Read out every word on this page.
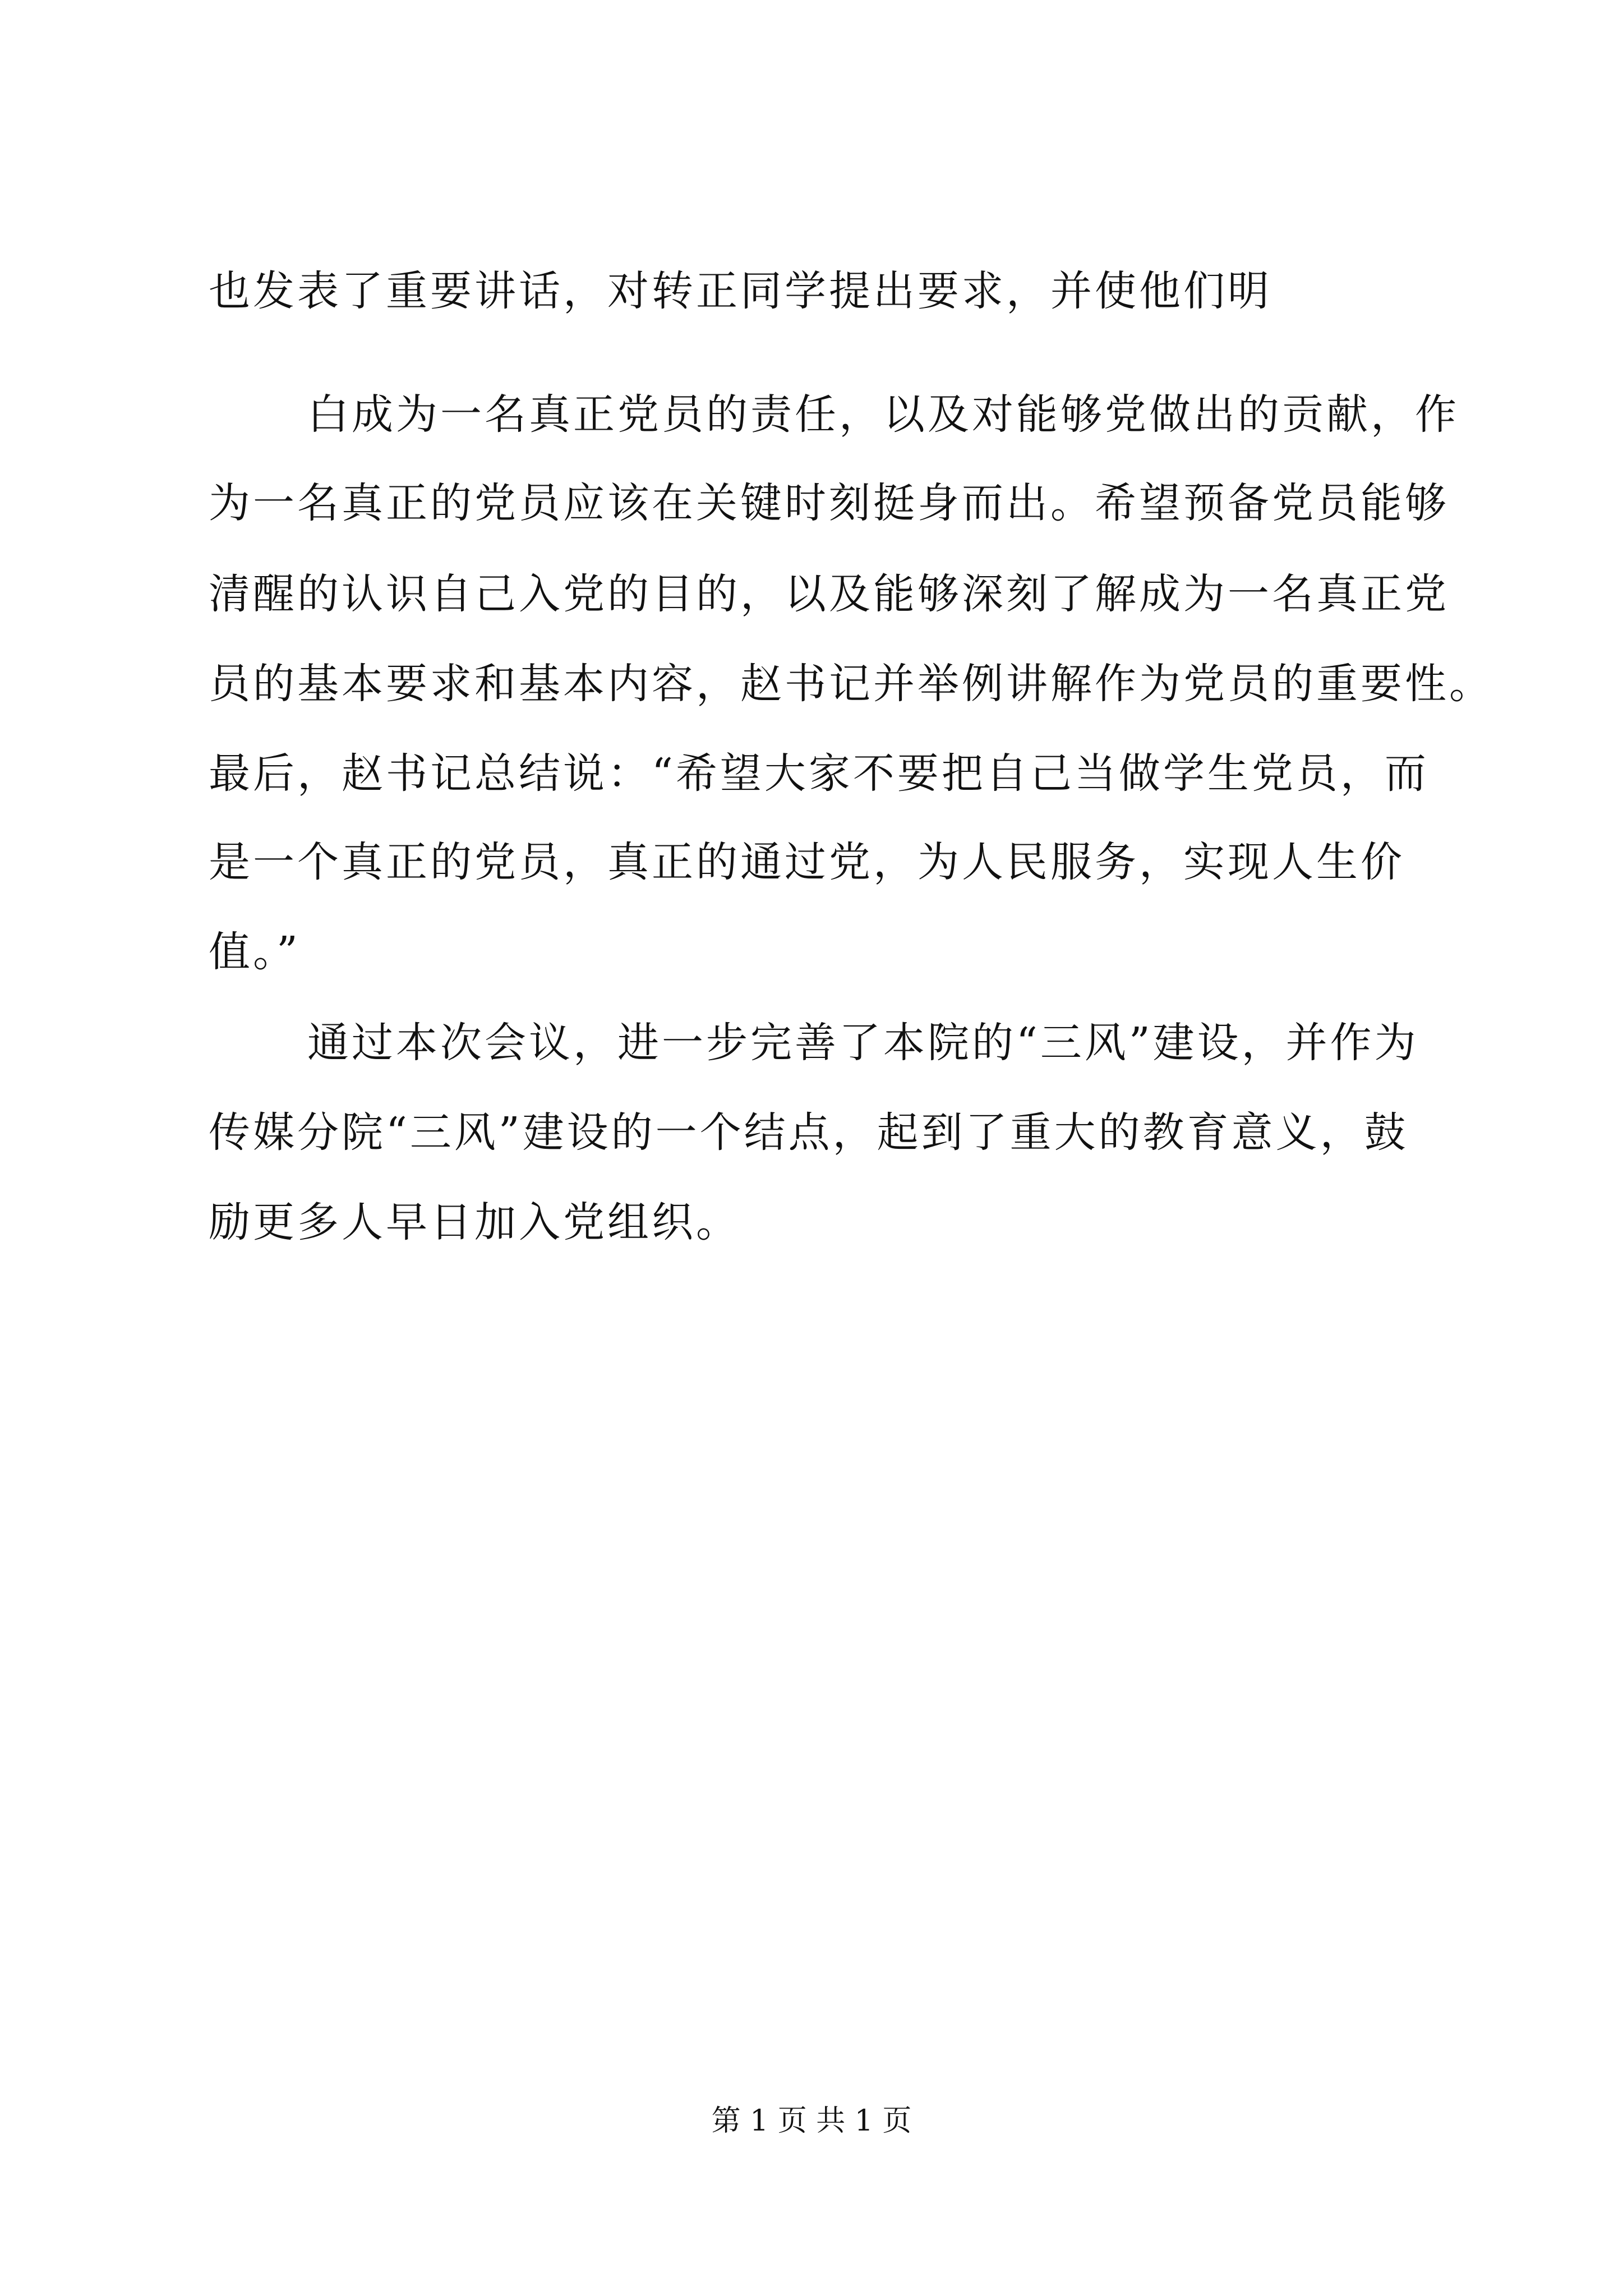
也发表了重要讲话，对转正同学提出要求，并使他们明
白成为一名真正党员的责任，以及对能够党做出的贡献，作
为一名真正的党员应该在关键时刻挺身而出。希望预备党员能够
清醒的认识自己入党的目的，以及能够深刻了解成为一名真正党
员的基本要求和基本内容，赵书记并举例讲解作为党员的重要性。
最后，赵书记总结说：“希望大家不要把自己当做学生党员，而
是一个真正的党员，真正的通过党，为人民服务，实现人生价
值。”
通过本次会议，进一步完善了本院的“三风”建设，并作为
传媒分院“三风”建设的一个结点，起到了重大的教育意义，鼓
励更多人早日加入党组织。
第 1 页 共 1 页
